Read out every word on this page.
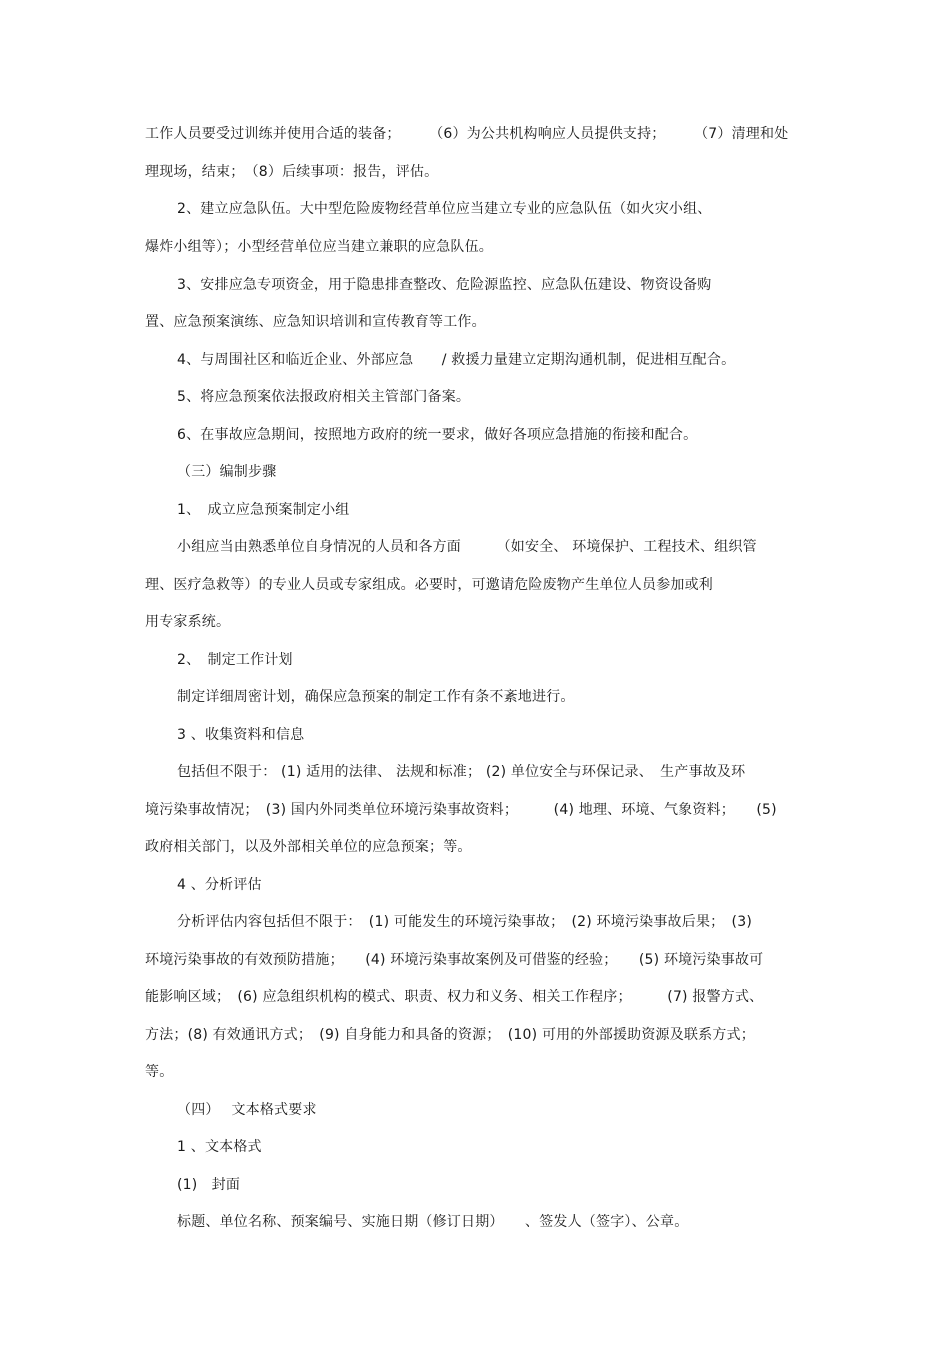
工作人员要受过训练并使用合适的装备；　　　（6）为公共机构响应人员提供支持；　　　（7）清理和处
理现场，结束；　（8）后续事项：报告，评估。
2、建立应急队伍。大中型危险废物经营单位应当建立专业的应急队伍（如火灾小组、
爆炸小组等）；小型经营单位应当建立兼职的应急队伍。
3、安排应急专项资金，用于隐患排查整改、危险源监控、应急队伍建设、物资设备购
置、应急预案演练、应急知识培训和宣传教育等工作。
4、与周围社区和临近企业、外部应急　　/ 救援力量建立定期沟通机制，促进相互配合。
5、将应急预案依法报政府相关主管部门备案。
6、在事故应急期间，按照地方政府的统一要求，做好各项应急措施的衔接和配合。
（三）编制步骤
1、　成立应急预案制定小组
小组应当由熟悉单位自身情况的人员和各方面　　　（如安全、 环境保护、工程技术、组织管
理、医疗急救等）的专业人员或专家组成。必要时，可邀请危险废物产生单位人员参加或利
用专家系统。
2、　制定工作计划
制定详细周密计划，确保应急预案的制定工作有条不紊地进行。
3 、收集资料和信息
包括但不限于： (1) 适用的法律、 法规和标准； (2) 单位安全与环保记录、　生产事故及环
境污染事故情况；　(3) 国内外同类单位环境污染事故资料；　　　(4) 地理、环境、气象资料；　　(5)
政府相关部门，以及外部相关单位的应急预案；等。
4 、分析评估
分析评估内容包括但不限于：　(1) 可能发生的环境污染事故；　(2) 环境污染事故后果；　(3)
环境污染事故的有效预防措施；　　(4) 环境污染事故案例及可借鉴的经验；　　(5) 环境污染事故可
能影响区域；　(6) 应急组织机构的模式、职责、权力和义务、相关工作程序；　　　(7) 报警方式、
方法；(8) 有效通讯方式；　(9) 自身能力和具备的资源；　(10) 可用的外部援助资源及联系方式；
等。
（四）　 文本格式要求
1 、文本格式
(1)　封面
标题、单位名称、预案编号、实施日期（修订日期）　　、签发人（签字）、公章。
